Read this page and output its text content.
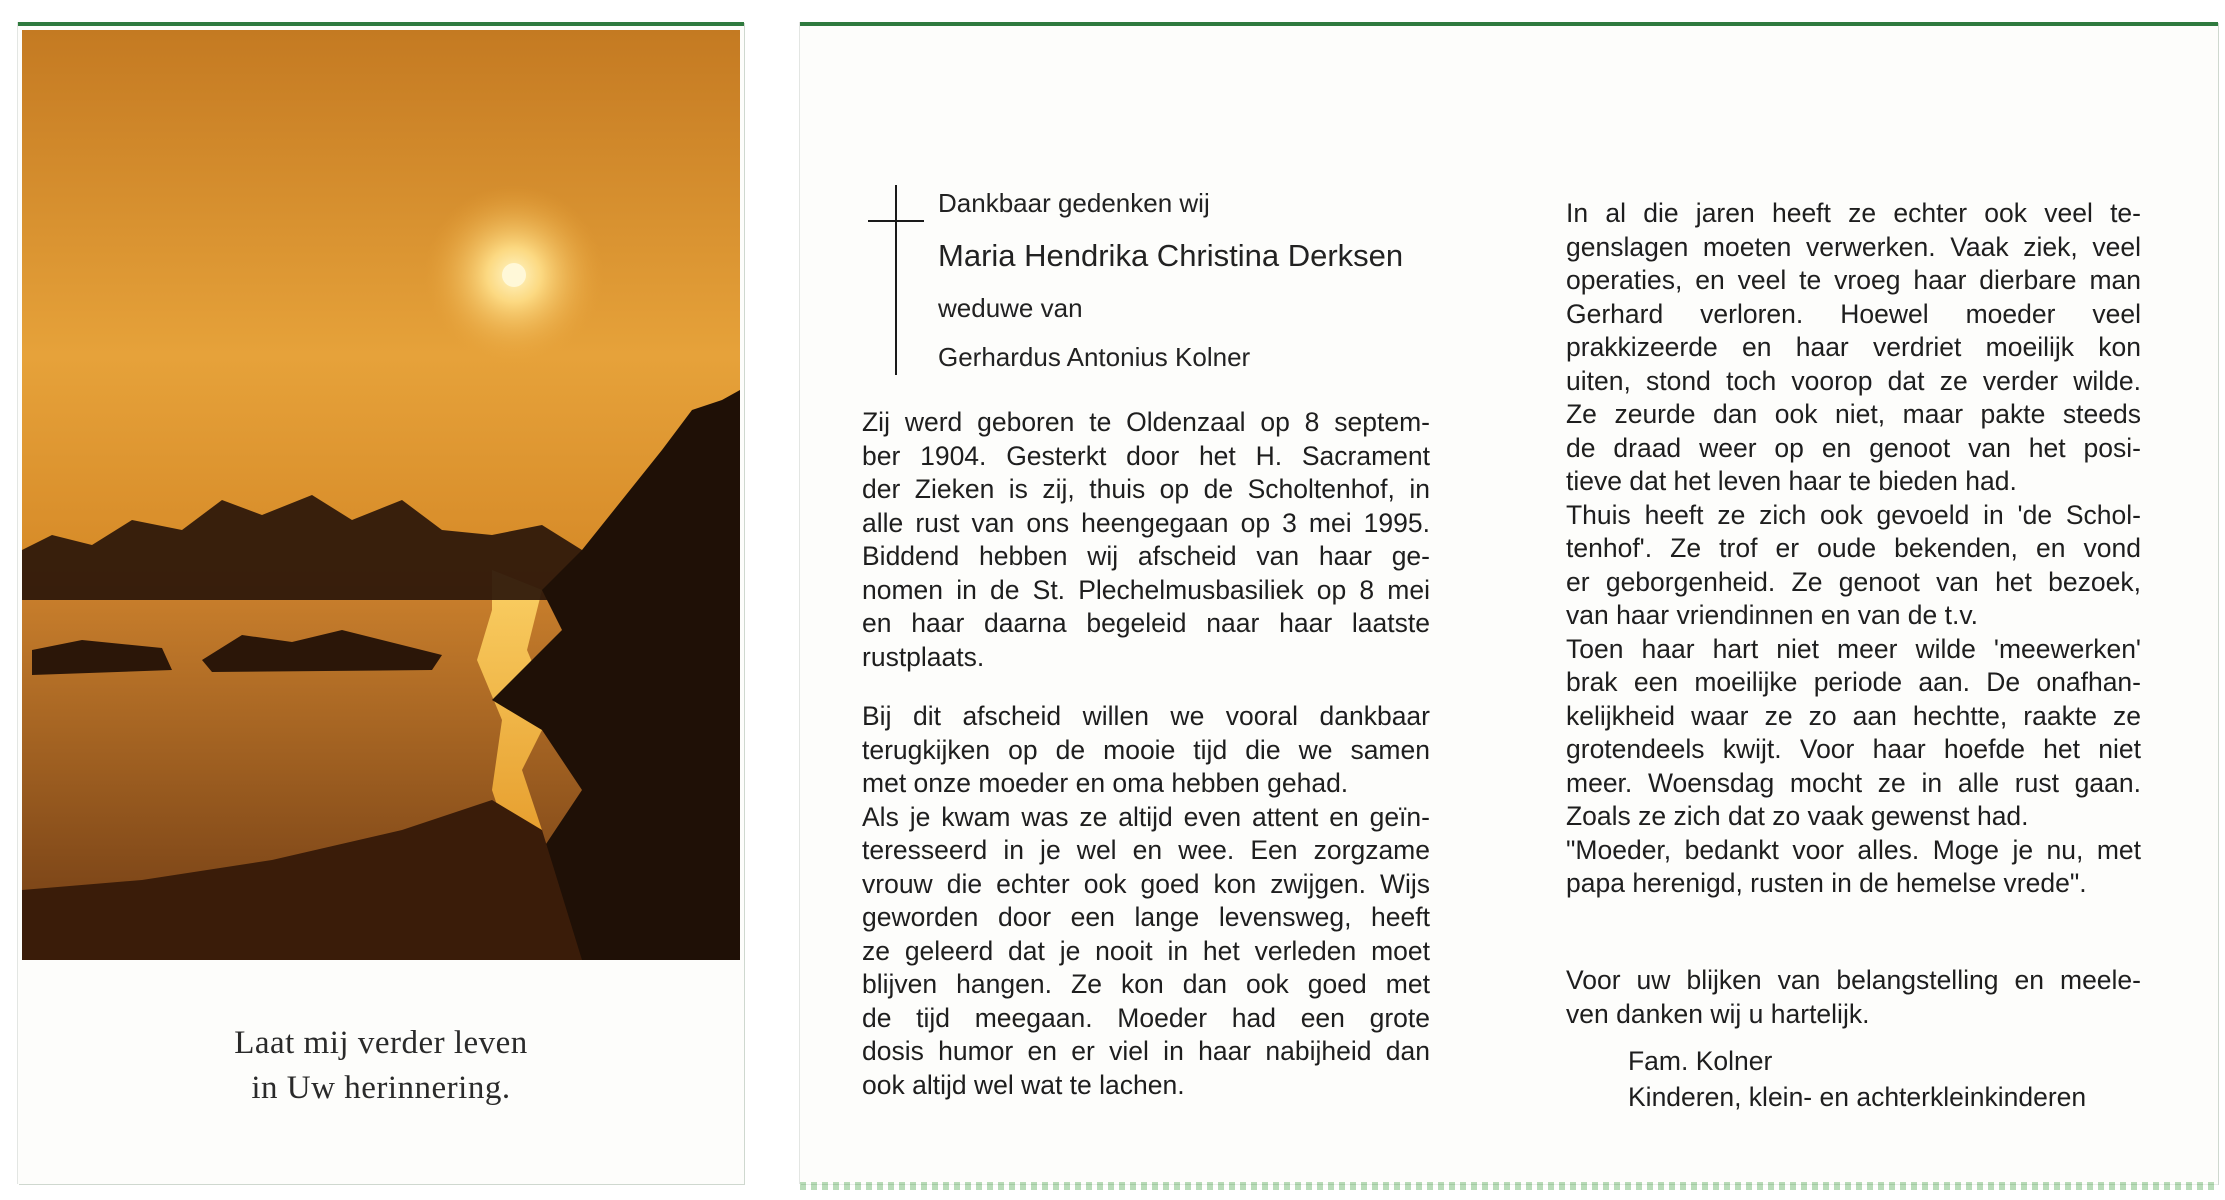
Laat mij verder leven
in Uw herinnering.
Dankbaar gedenken wij
Maria Hendrika Christina Derksen
weduwe van
Gerhardus Antonius Kolner
Zij werd geboren te Oldenzaal op 8 septem-
ber 1904. Gesterkt door het H. Sacrament
der Zieken is zij, thuis op de Scholtenhof, in
alle rust van ons heengegaan op 3 mei 1995.
Biddend hebben wij afscheid van haar ge-
nomen in de St. Plechelmusbasiliek op 8 mei
en haar daarna begeleid naar haar laatste
rustplaats.
Bij dit afscheid willen we vooral dankbaar
terugkijken op de mooie tijd die we samen
met onze moeder en oma hebben gehad.
Als je kwam was ze altijd even attent en geïn-
teresseerd in je wel en wee. Een zorgzame
vrouw die echter ook goed kon zwijgen. Wijs
geworden door een lange levensweg, heeft
ze geleerd dat je nooit in het verleden moet
blijven hangen. Ze kon dan ook goed met
de tijd meegaan. Moeder had een grote
dosis humor en er viel in haar nabijheid dan
ook altijd wel wat te lachen.
In al die jaren heeft ze echter ook veel te-
genslagen moeten verwerken. Vaak ziek, veel
operaties, en veel te vroeg haar dierbare man
Gerhard verloren. Hoewel moeder veel
prakkizeerde en haar verdriet moeilijk kon
uiten, stond toch voorop dat ze verder wilde.
Ze zeurde dan ook niet, maar pakte steeds
de draad weer op en genoot van het posi-
tieve dat het leven haar te bieden had.
Thuis heeft ze zich ook gevoeld in 'de Schol-
tenhof'. Ze trof er oude bekenden, en vond
er geborgenheid. Ze genoot van het bezoek,
van haar vriendinnen en van de t.v.
Toen haar hart niet meer wilde 'meewerken'
brak een moeilijke periode aan. De onafhan-
kelijkheid waar ze zo aan hechtte, raakte ze
grotendeels kwijt. Voor haar hoefde het niet
meer. Woensdag mocht ze in alle rust gaan.
Zoals ze zich dat zo vaak gewenst had.
"Moeder, bedankt voor alles. Moge je nu, met
papa herenigd, rusten in de hemelse vrede".
Voor uw blijken van belangstelling en meele-
ven danken wij u hartelijk.
Fam. Kolner
Kinderen, klein- en achterkleinkinderen
